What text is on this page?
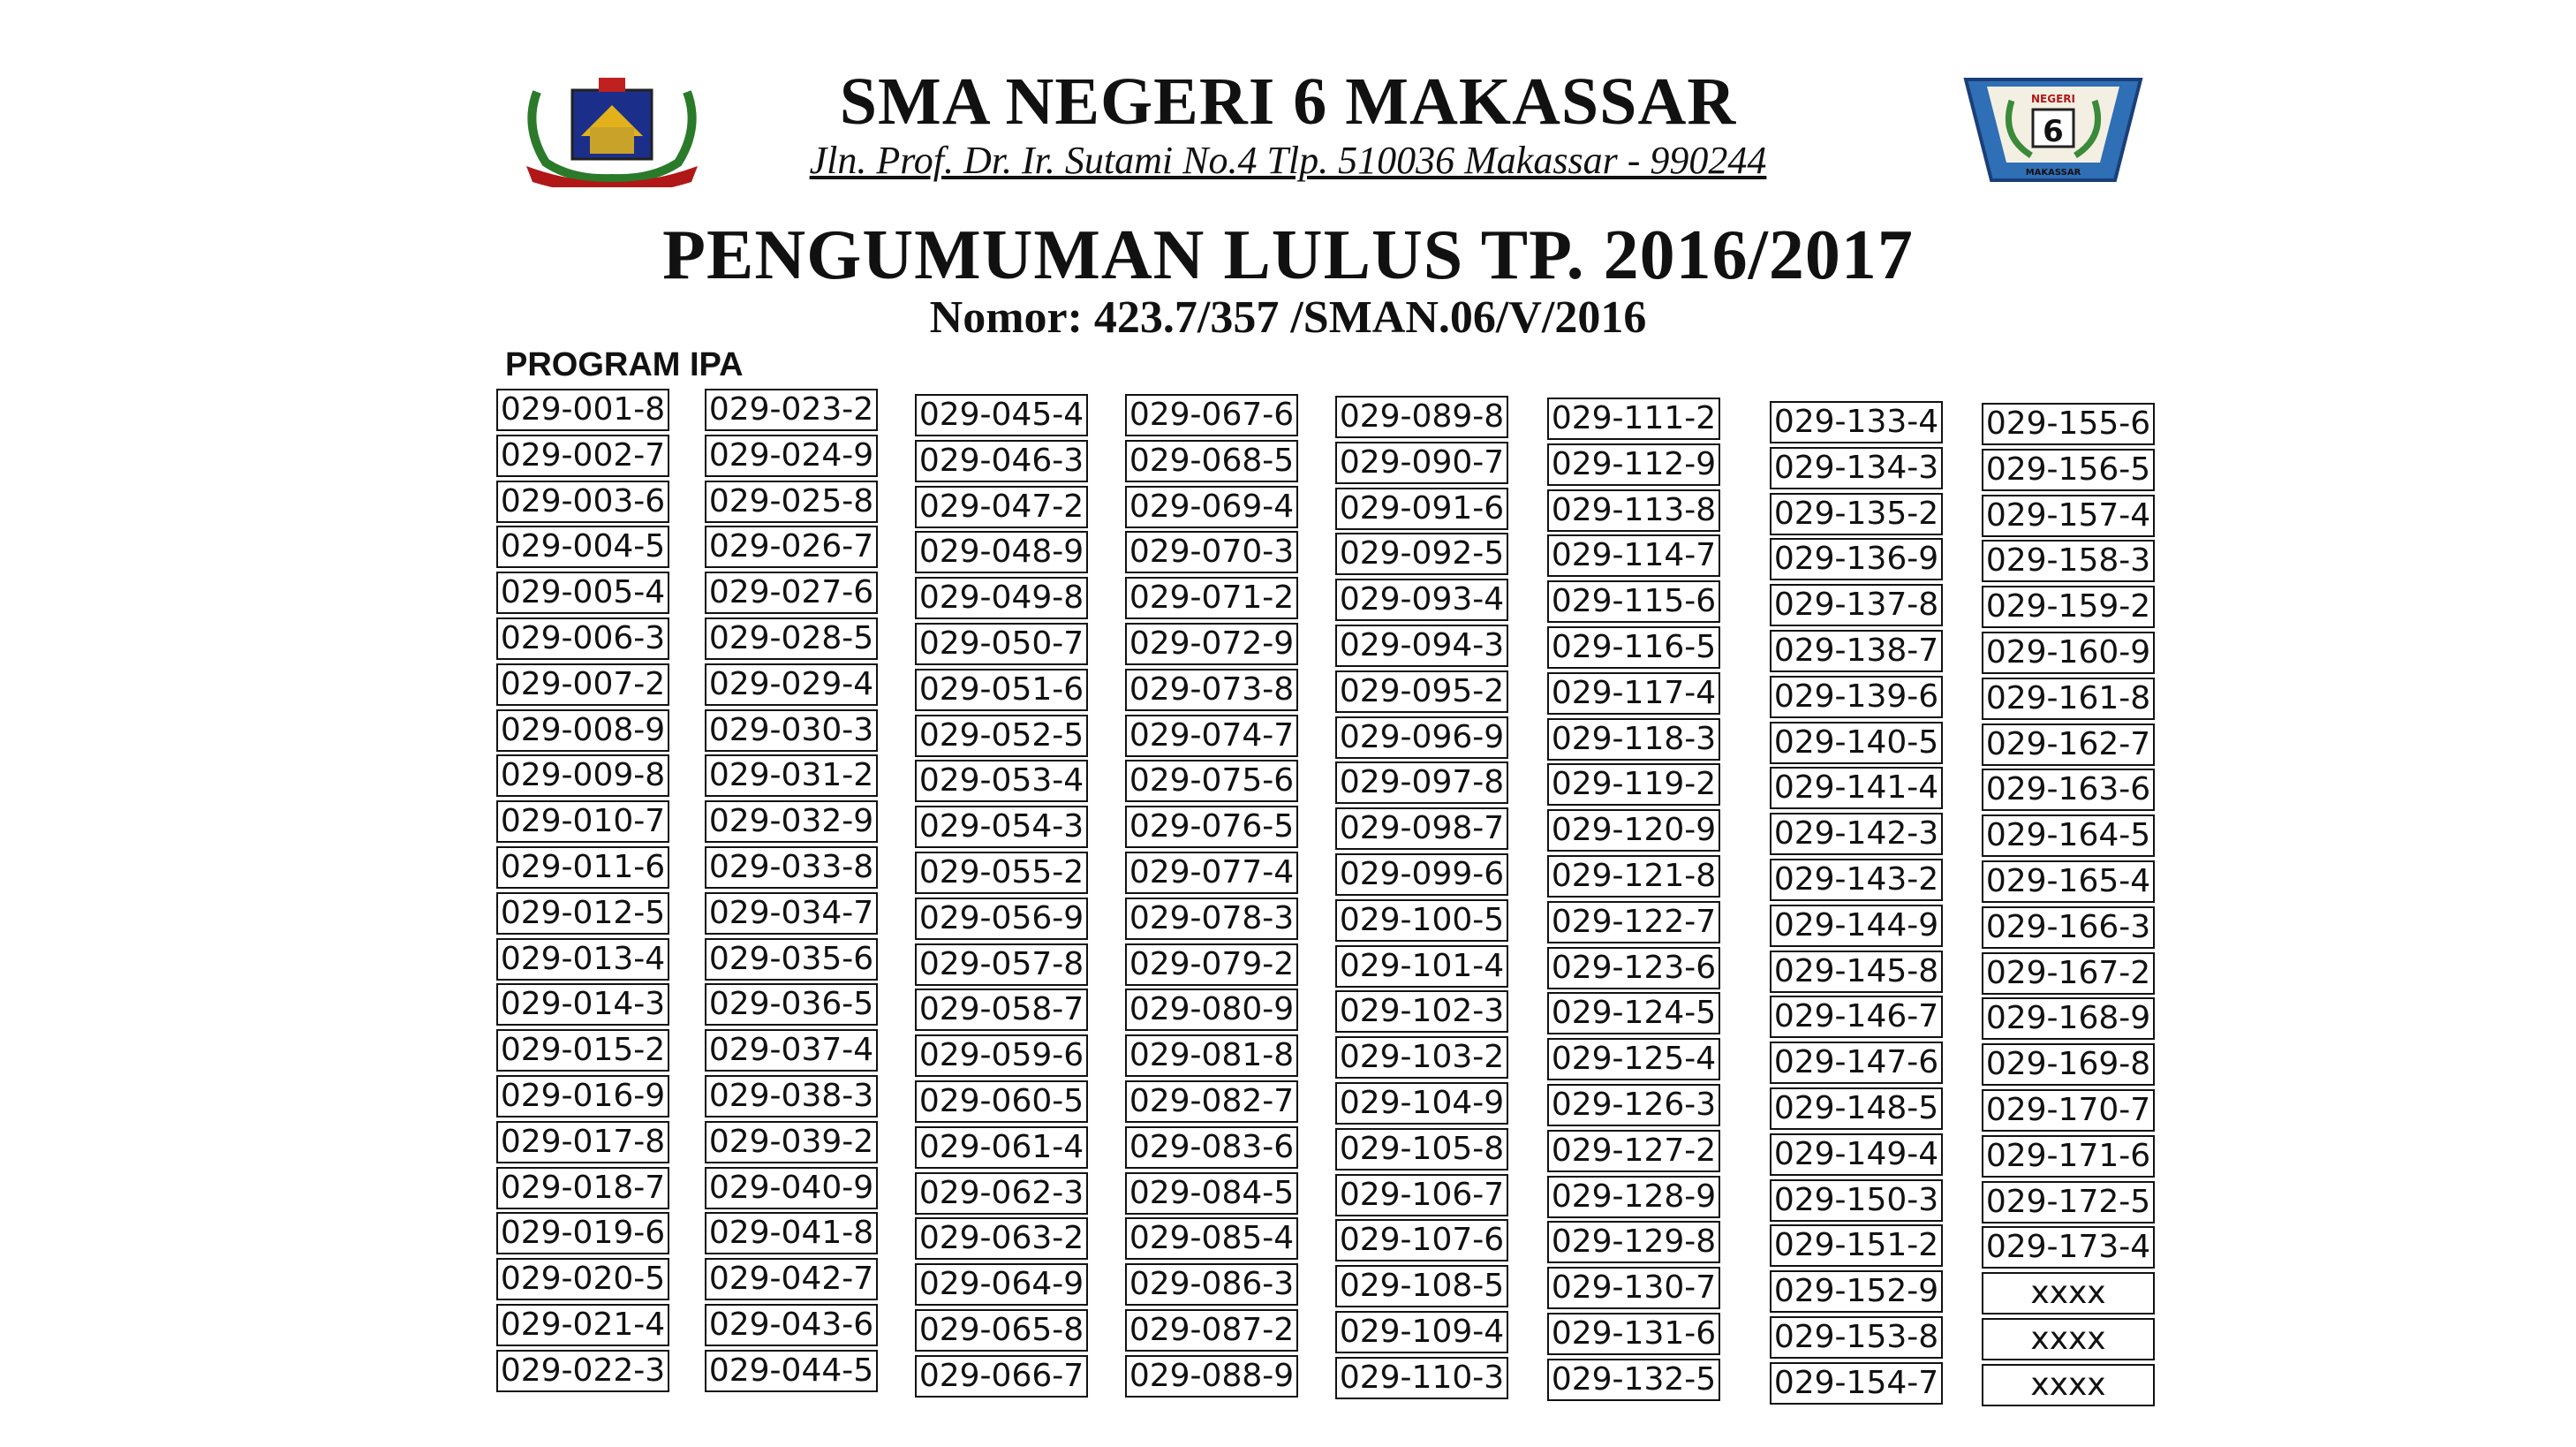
NEGERI
6
MAKASSAR
SMA NEGERI 6 MAKASSAR
Jln. Prof. Dr. Ir. Sutami No.4 Tlp. 510036 Makassar - 990244
PENGUMUMAN LULUS TP. 2016/2017
Nomor: 423.7/357 /SMAN.06/V/2016
PROGRAM IPA
029-001-8
029-002-7
029-003-6
029-004-5
029-005-4
029-006-3
029-007-2
029-008-9
029-009-8
029-010-7
029-011-6
029-012-5
029-013-4
029-014-3
029-015-2
029-016-9
029-017-8
029-018-7
029-019-6
029-020-5
029-021-4
029-022-3
029-023-2
029-024-9
029-025-8
029-026-7
029-027-6
029-028-5
029-029-4
029-030-3
029-031-2
029-032-9
029-033-8
029-034-7
029-035-6
029-036-5
029-037-4
029-038-3
029-039-2
029-040-9
029-041-8
029-042-7
029-043-6
029-044-5
029-045-4
029-046-3
029-047-2
029-048-9
029-049-8
029-050-7
029-051-6
029-052-5
029-053-4
029-054-3
029-055-2
029-056-9
029-057-8
029-058-7
029-059-6
029-060-5
029-061-4
029-062-3
029-063-2
029-064-9
029-065-8
029-066-7
029-067-6
029-068-5
029-069-4
029-070-3
029-071-2
029-072-9
029-073-8
029-074-7
029-075-6
029-076-5
029-077-4
029-078-3
029-079-2
029-080-9
029-081-8
029-082-7
029-083-6
029-084-5
029-085-4
029-086-3
029-087-2
029-088-9
029-089-8
029-090-7
029-091-6
029-092-5
029-093-4
029-094-3
029-095-2
029-096-9
029-097-8
029-098-7
029-099-6
029-100-5
029-101-4
029-102-3
029-103-2
029-104-9
029-105-8
029-106-7
029-107-6
029-108-5
029-109-4
029-110-3
029-111-2
029-112-9
029-113-8
029-114-7
029-115-6
029-116-5
029-117-4
029-118-3
029-119-2
029-120-9
029-121-8
029-122-7
029-123-6
029-124-5
029-125-4
029-126-3
029-127-2
029-128-9
029-129-8
029-130-7
029-131-6
029-132-5
029-133-4
029-134-3
029-135-2
029-136-9
029-137-8
029-138-7
029-139-6
029-140-5
029-141-4
029-142-3
029-143-2
029-144-9
029-145-8
029-146-7
029-147-6
029-148-5
029-149-4
029-150-3
029-151-2
029-152-9
029-153-8
029-154-7
029-155-6
029-156-5
029-157-4
029-158-3
029-159-2
029-160-9
029-161-8
029-162-7
029-163-6
029-164-5
029-165-4
029-166-3
029-167-2
029-168-9
029-169-8
029-170-7
029-171-6
029-172-5
029-173-4
xxxx
xxxx
xxxx
